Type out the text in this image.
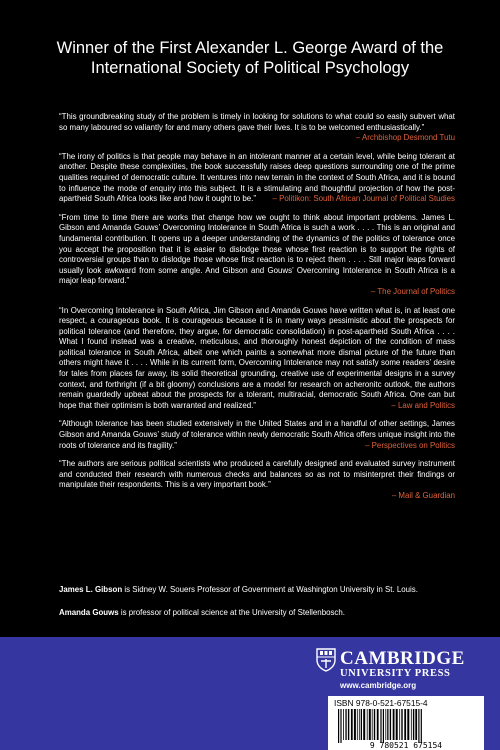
Winner of the First Alexander L. George Award of the
International Society of Political Psychology
“This groundbreaking study of the problem is timely in looking for solutions to what could so easily subvert what so many laboured so valiantly for and many others gave their lives. It is to be welcomed enthusiastically.”
– Archbishop Desmond Tutu
“The irony of politics is that people may behave in an intolerant manner at a certain level, while being tolerant at another. Despite these complexities, the book successfully raises deep questions surrounding one of the prime qualities required of democratic culture. It ventures into new terrain in the context of South Africa, and it is bound to influence the mode of enquiry into this subject. It is a stimulating and thoughtful projection of how the post-apartheid South Africa looks like and how it ought to be.” – Politikon: South African Journal of Political Studies
“From time to time there are works that change how we ought to think about important problems. James L. Gibson and Amanda Gouws’ Overcoming Intolerance in South Africa is such a work . . . . This is an original and fundamental contribution. It opens up a deeper understanding of the dynamics of the politics of tolerance once you accept the proposition that it is easier to dislodge those whose first reaction is to support the rights of controversial groups than to dislodge those whose first reaction is to reject them . . . . Still major leaps forward usually look awkward from some angle. And Gibson and Gouws’ Overcoming Intolerance in South Africa is a major leap forward.”
– The Journal of Politics
“In Overcoming Intolerance in South Africa, Jim Gibson and Amanda Gouws have written what is, in at least one respect, a courageous book. It is courageous because it is in many ways pessimistic about the prospects for political tolerance (and therefore, they argue, for democratic consolidation) in post-apartheid South Africa . . . . What I found instead was a creative, meticulous, and thoroughly honest depiction of the condition of mass political tolerance in South Africa, albeit one which paints a somewhat more dismal picture of the future than others might have it . . . . While in its current form, Overcoming Intolerance may not satisfy some readers’ desire for tales from places far away, its solid theoretical grounding, creative use of experimental designs in a survey context, and forthright (if a bit gloomy) conclusions are a model for research on acheronitc outlook, the authors remain guardedly upbeat about the prospects for a tolerant, multiracial, democratic South Africa. One can but hope that their optimism is both warranted and realized.”	– Law and Politics
“Although tolerance has been studied extensively in the United States and in a handful of other settings, James Gibson and Amanda Gouws’ study of tolerance within newly democratic South Africa offers unique insight into the roots of tolerance and its fragility.”	– Perspectives on Politics
“The authors are serious political scientists who produced a carefully designed and evaluated survey instrument and conducted their research with numerous checks and balances so as not to misinterpret their findings or manipulate their respondents. This is a very important book.”
– Mail & Guardian

James L. Gibson is Sidney W. Souers Professor of Government at Washington University in St. Louis.

Amanda Gouws is professor of political science at the University of Stellenbosch.

CAMBRIDGE
UNIVERSITY PRESS
www.cambridge.org
ISBN 978-0-521-67515-4
9 780521 675154
